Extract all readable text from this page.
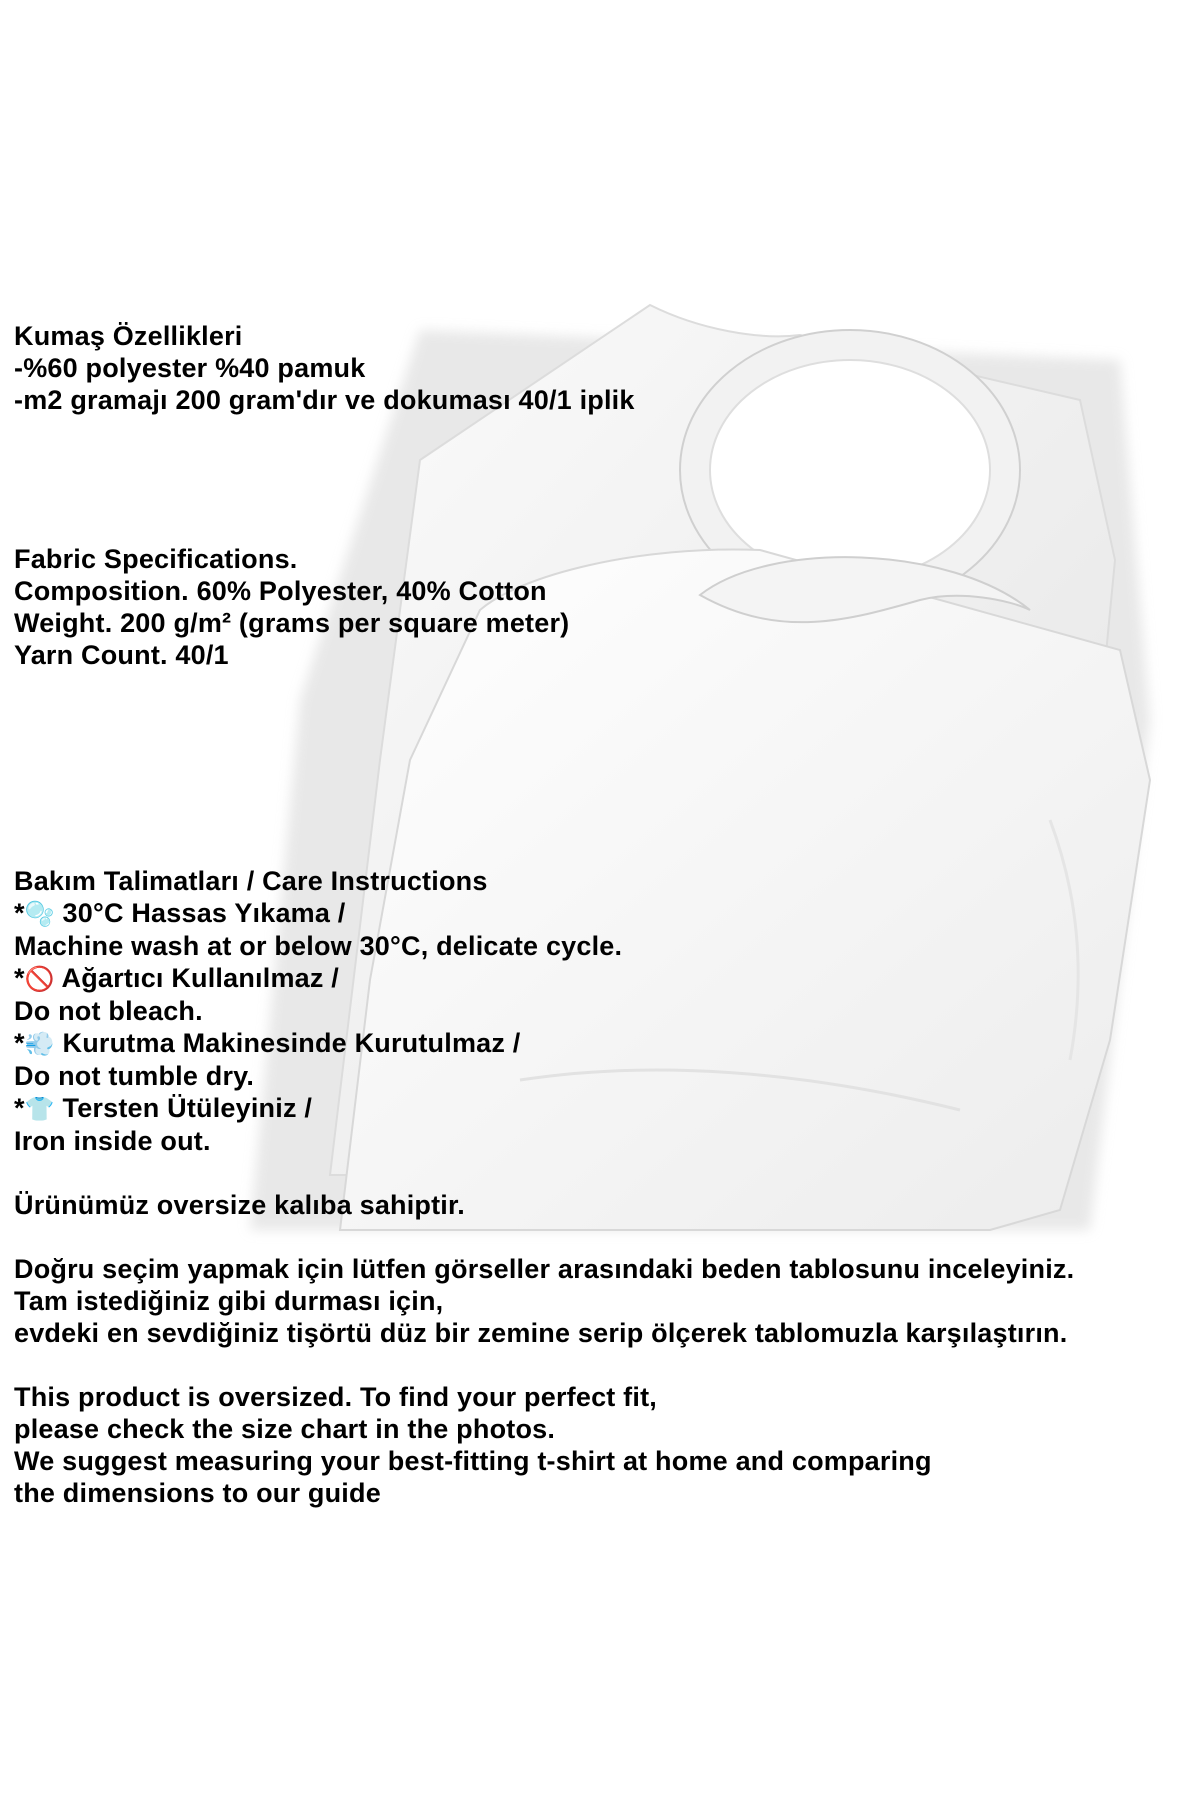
Kumaş Özellikleri
-%60 polyester %40 pamuk
-m2 gramajı 200 gram'dır ve dokuması 40/1 iplik
Fabric Specifications.
Composition. 60% Polyester, 40% Cotton
Weight. 200 g/m² (grams per square meter)
Yarn Count. 40/1
Bakım Talimatları / Care Instructions
*🫧 30°C Hassas Yıkama /
Machine wash at or below 30°C, delicate cycle.
*🚫 Ağartıcı Kullanılmaz /
Do not bleach.
*💨 Kurutma Makinesinde Kurutulmaz /
Do not tumble dry.
*👕 Tersten Ütüleyiniz /
Iron inside out.
Ürünümüz oversize kalıba sahiptir.
Doğru seçim yapmak için lütfen görseller arasındaki beden tablosunu inceleyiniz.
Tam istediğiniz gibi durması için,
evdeki en sevdiğiniz tişörtü düz bir zemine serip ölçerek tablomuzla karşılaştırın.
This product is oversized. To find your perfect fit,
please check the size chart in the photos.
We suggest measuring your best-fitting t-shirt at home and comparing
the dimensions to our guide
